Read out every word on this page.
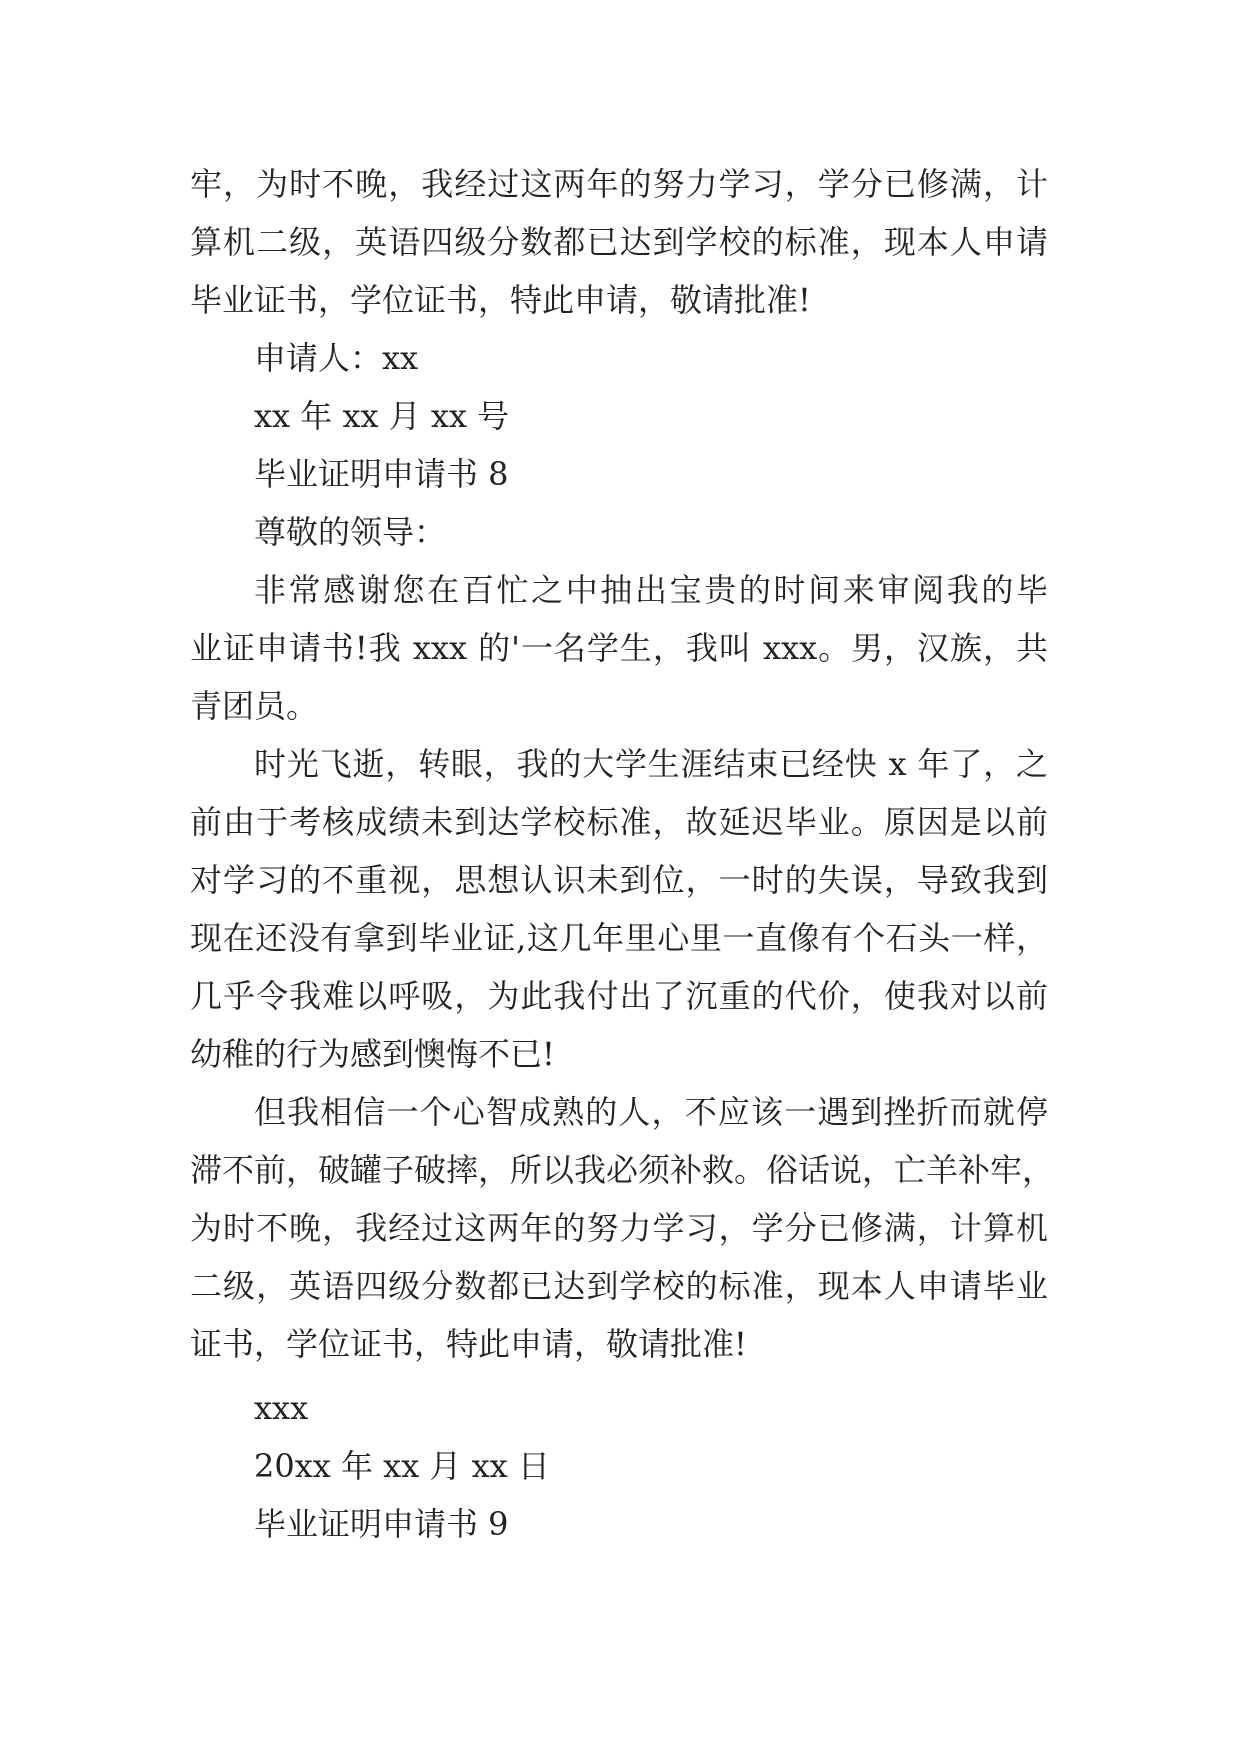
牢，为时不晚，我经过这两年的努力学习，学分已修满，计
算机二级，英语四级分数都已达到学校的标准，现本人申请
毕业证书，学位证书，特此申请，敬请批准!
申请人：xx
xx 年 xx 月 xx 号
毕业证明申请书 8
尊敬的领导：
非常感谢您在百忙之中抽出宝贵的时间来审阅我的毕
业证申请书!我 xxx 的'一名学生，我叫 xxx。男，汉族，共
青团员。
时光飞逝，转眼，我的大学生涯结束已经快 x 年了，之
前由于考核成绩未到达学校标准，故延迟毕业。原因是以前
对学习的不重视，思想认识未到位，一时的失误，导致我到
现在还没有拿到毕业证,这几年里心里一直像有个石头一样，
几乎令我难以呼吸，为此我付出了沉重的代价，使我对以前
幼稚的行为感到懊悔不已!
但我相信一个心智成熟的人，不应该一遇到挫折而就停
滞不前，破罐子破摔，所以我必须补救。俗话说，亡羊补牢，
为时不晚，我经过这两年的努力学习，学分已修满，计算机
二级，英语四级分数都已达到学校的标准，现本人申请毕业
证书，学位证书，特此申请，敬请批准!
xxx
20xx 年 xx 月 xx 日
毕业证明申请书 9
